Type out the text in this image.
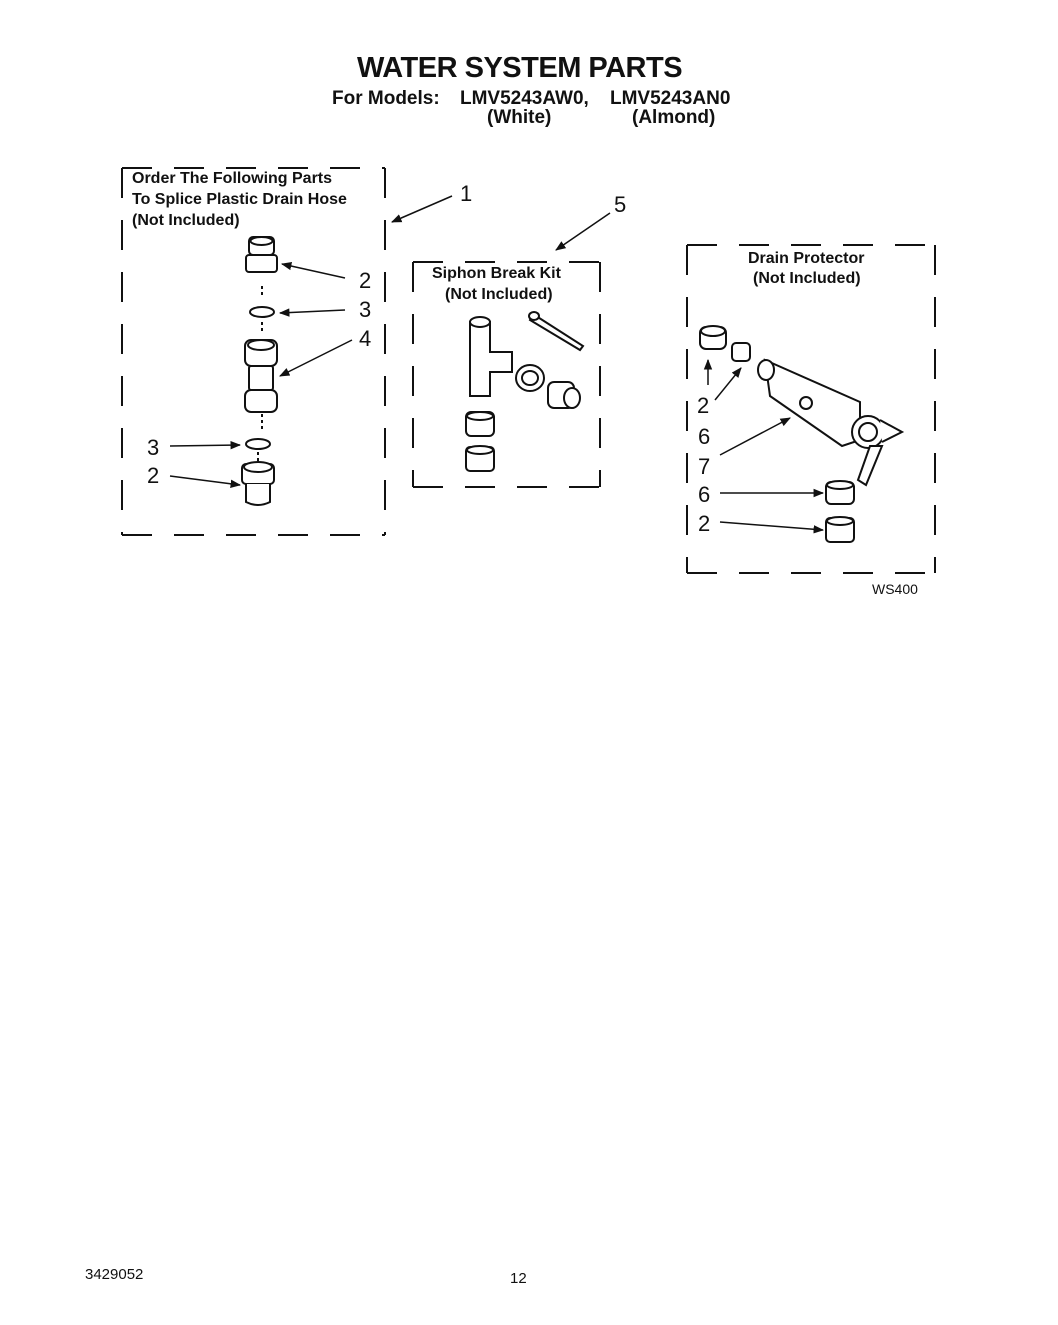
WATER SYSTEM PARTS
For Models: LMV5243AW0, LMV5243AN0
(White)	(Almond)
Order The Following Parts
To Splice Plastic Drain Hose
(Not Included)
Siphon Break Kit
(Not Included)
Drain Protector
(Not Included)
1	5
2
3
4
3
2
2
6
7
6
2
WS400
3429052	12
